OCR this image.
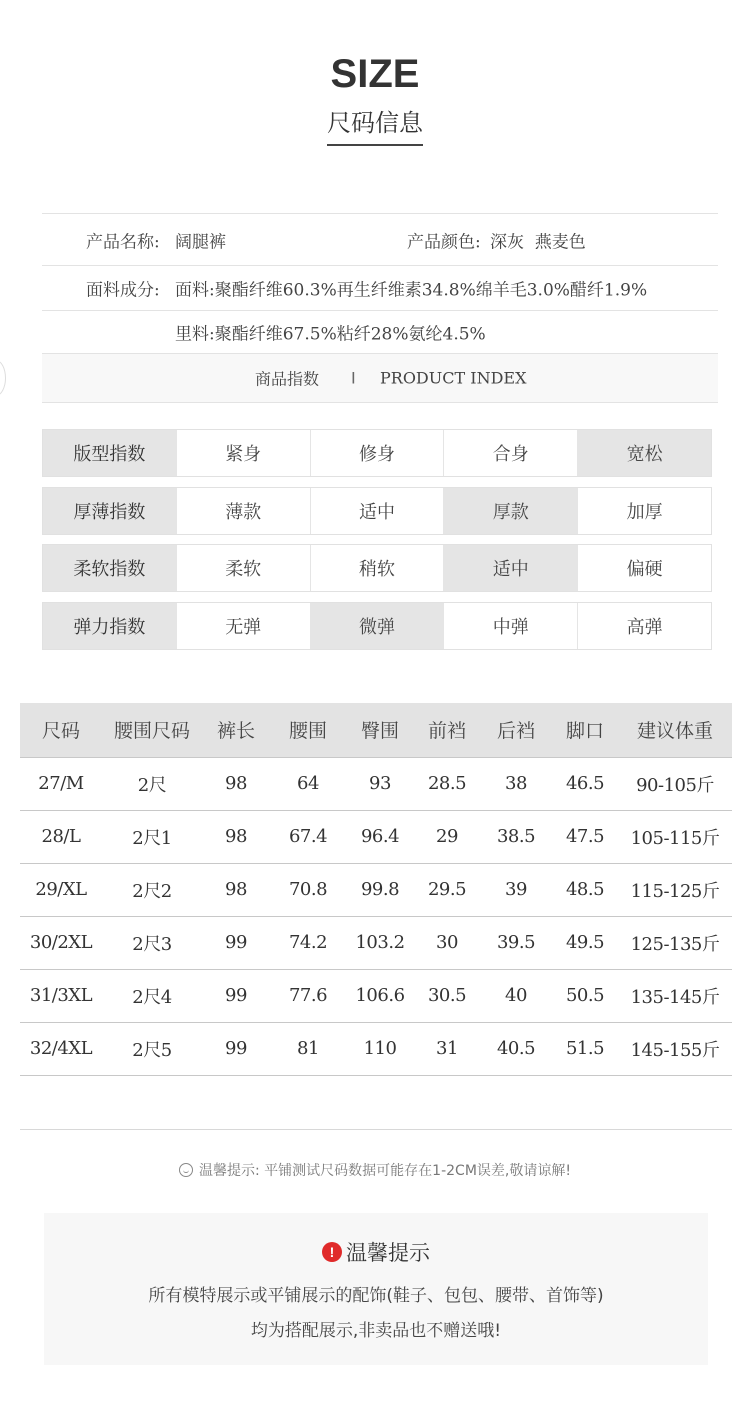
SIZE
尺码信息
产品名称: 阔腿裤	产品颜色: 深灰  燕麦色
面料成分: 面料:聚酯纤维60.3%再生纤维素34.8%绵羊毛3.0%醋纤1.9%
里料:聚酯纤维67.5%粘纤28%氨纶4.5%
商品指数 I PRODUCT INDEX
版型指数	紧身	修身	合身	宽松
厚薄指数	薄款	适中	厚款	加厚
柔软指数	柔软	稍软	适中	偏硬
弹力指数	无弹	微弹	中弹	高弹
尺码	腰围尺码	裤长	腰围	臀围	前裆	后裆	脚口	建议体重
27/M	2尺	98	64	93	28.5	38	46.5	90-105斤
28/L	2尺1	98	67.4	96.4	29	38.5	47.5	105-115斤
29/XL	2尺2	98	70.8	99.8	29.5	39	48.5	115-125斤
30/2XL	2尺3	99	74.2	103.2	30	39.5	49.5	125-135斤
31/3XL	2尺4	99	77.6	106.6	30.5	40	50.5	135-145斤
32/4XL	2尺5	99	81	110	31	40.5	51.5	145-155斤
温馨提示: 平铺测试尺码数据可能存在1-2CM误差,敬请谅解!
! 温馨提示
所有模特展示或平铺展示的配饰(鞋子、包包、腰带、首饰等)
均为搭配展示,非卖品也不赠送哦!
